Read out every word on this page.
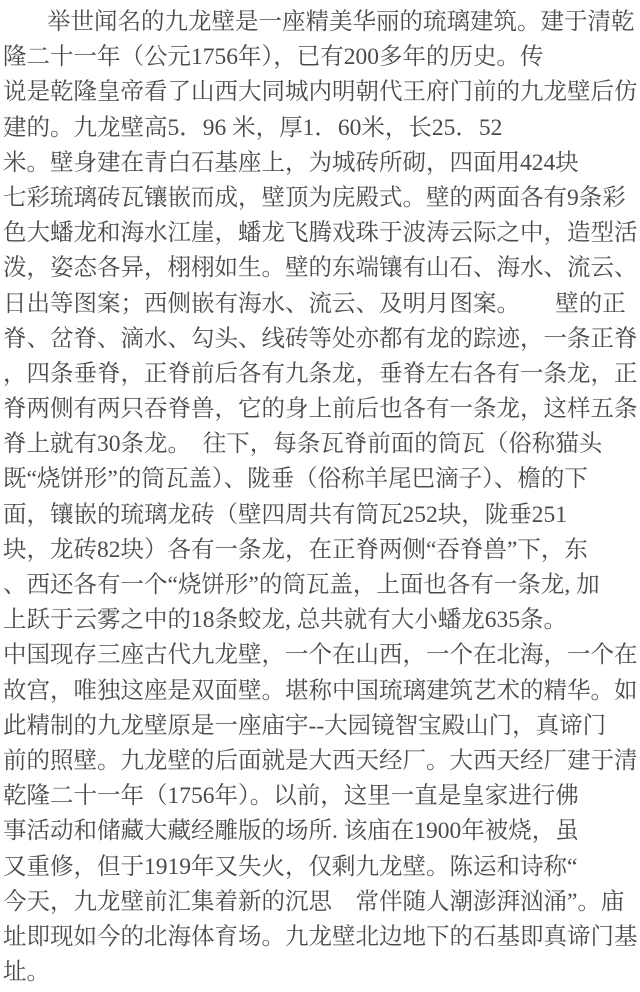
举世闻名的九龙壁是一座精美华丽的琉璃建筑。建于清乾
隆二十一年（公元1756年），已有200多年的历史。传
说是乾隆皇帝看了山西大同城内明朝代王府门前的九龙壁后仿
建的。九龙壁高5．96 米，厚1．60米，长25．52
米。壁身建在青白石基座上，为城砖所砌，四面用424块
七彩琉璃砖瓦镶嵌而成，壁顶为庑殿式。壁的两面各有9条彩
色大蟠龙和海水江崖，蟠龙飞腾戏珠于波涛云际之中，造型活
泼，姿态各异，栩栩如生。壁的东端镶有山石、海水、流云、
日出等图案；西侧嵌有海水、流云、及明月图案。　　壁的正
脊、岔脊、滴水、勾头、线砖等处亦都有龙的踪迹，一条正脊
，四条垂脊，正脊前后各有九条龙，垂脊左右各有一条龙，正
脊两侧有两只吞脊兽，它的身上前后也各有一条龙，这样五条
脊上就有30条龙。　往下，每条瓦脊前面的筒瓦（俗称猫头
既“烧饼形”的筒瓦盖）、陇垂（俗称羊尾巴滴子）、檐的下
面，镶嵌的琉璃龙砖（壁四周共有筒瓦252块，陇垂251
块，龙砖82块）各有一条龙，在正脊两侧“吞脊兽”下，东
、西还各有一个“烧饼形”的筒瓦盖，上面也各有一条龙, 加
上跃于云雾之中的18条蛟龙, 总共就有大小蟠龙635条。
中国现存三座古代九龙壁，一个在山西，一个在北海，一个在
故宫，唯独这座是双面壁。堪称中国琉璃建筑艺术的精华。如
此精制的九龙壁原是一座庙宇--大园镜智宝殿山门，真谛门
前的照壁。九龙壁的后面就是大西天经厂。大西天经厂建于清
乾隆二十一年（1756年）。以前，这里一直是皇家进行佛
事活动和储藏大藏经雕版的场所. 该庙在1900年被烧，虽
又重修，但于1919年又失火，仅剩九龙壁。陈运和诗称“
今天，九龙壁前汇集着新的沉思　常伴随人潮澎湃汹涌”。庙
址即现如今的北海体育场。九龙壁北边地下的石基即真谛门基
址。
